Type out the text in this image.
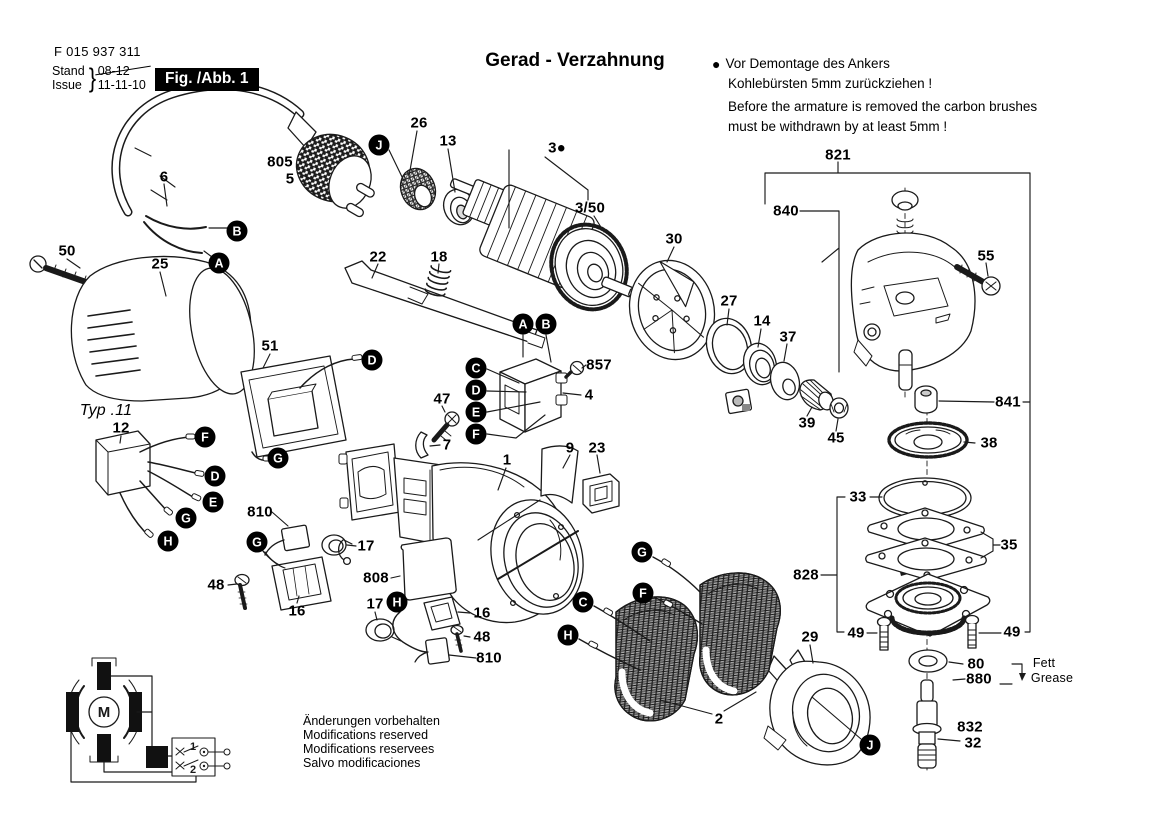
M
1
2
F 015 937 311
Stand
Issue } 08-12
11-11-10	Fig. /Abb. 1
Gerad - Verzahnung	● Vor Demontage des Ankers
Kohlebürsten 5mm zurückziehen !
Before the armature is removed the carbon brushes
must be withdrawn by at least 5mm !
Änderungen vorbehalten
Modifications reserved
Modifications reservees
Salvo modificaciones
50
25
6
805
5
26
13	3●
3/50
22	18
30
27
14
37
39
45
821
840
55
841
38
33
35
828
49	49
29
80
880
Fett
Grease
832
32
51
857
4
47
7
1
9 23
Typ .11
12
810
17
808
17
48
16	16
48
810
2
J
B
A
A	B
C
D
E
F
D
G
F
D
E
G
H	G
H
G
F
C
H
J
